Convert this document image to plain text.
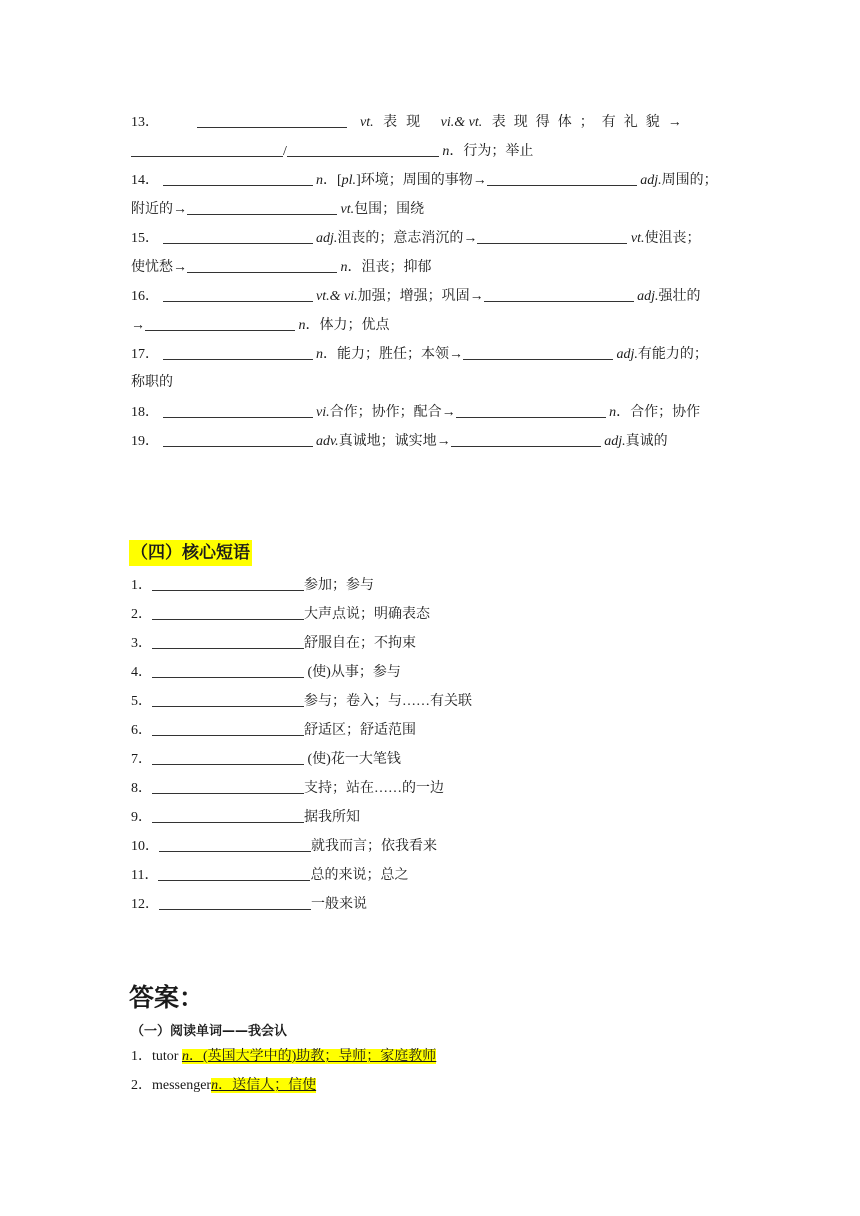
13．	vt. 表现 vi.& vt. 表现得体；有礼貌→
/	n．行为；举止
14．	n．[pl.]环境；周围的事物→	adj.周围的；
附近的→	vt.包围；围绕
15．	adj.沮丧的；意志消沉的→	vt.使沮丧；
使忧愁→	n．沮丧；抑郁
16．	vt.& vi.加强；增强；巩固→	adj.强壮的
→	n．体力；优点
17．	n．能力；胜任；本领→	adj.有能力的；
称职的
18．	vi.合作；协作；配合→	n．合作；协作
19．	adv.真诚地；诚实地→	adj.真诚的
（四）核心短语
1．	参加；参与
2．	大声点说；明确表态
3．	舒服自在；不拘束
4．	(使)从事；参与
5．	参与；卷入；与……有关联
6．	舒适区；舒适范围
7．	(使)花一大笔钱
8．	支持；站在……的一边
9．	据我所知
10．	就我而言；依我看来
11．	总的来说；总之
12．	一般来说
答案：
（一）阅读单词——我会认
1．tutor n．(英国大学中的)助教；导师；家庭教师
2．messengern．送信人；信使
